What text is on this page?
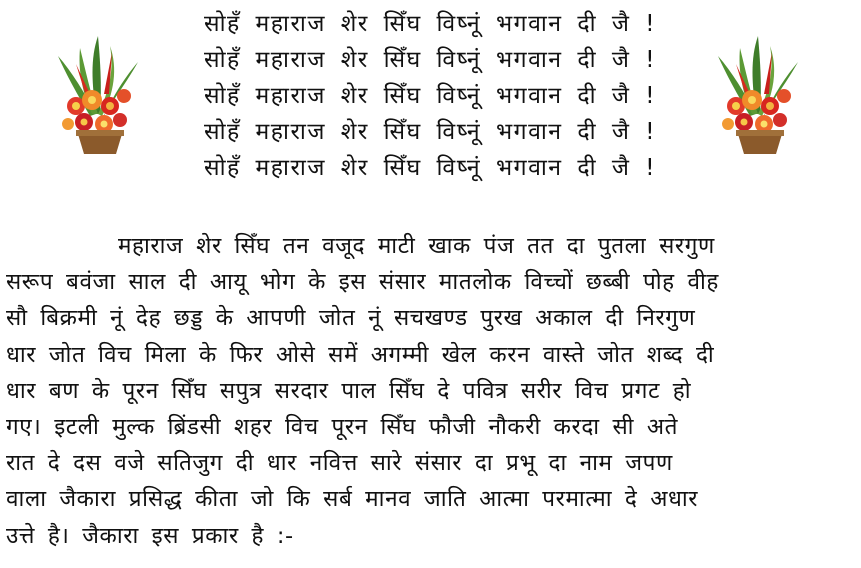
सोहँ महाराज शेर सिँघ विष्नूं भगवान दी जै !
सोहँ महाराज शेर सिँघ विष्नूं भगवान दी जै !
सोहँ महाराज शेर सिँघ विष्नूं भगवान दी जै !
सोहँ महाराज शेर सिँघ विष्नूं भगवान दी जै !
सोहँ महाराज शेर सिँघ विष्नूं भगवान दी जै !
महाराज शेर सिँघ तन वजूद माटी खाक पंज तत दा पुतला सरगुण
सरूप बवंजा साल दी आयू भोग के इस संसार मातलोक विच्चों छब्बी पोह वीह
सौ बिक्रमी नूं देह छड्ड के आपणी जोत नूं सचखण्ड पुरख अकाल दी निरगुण
धार जोत विच मिला के फिर ओसे समें अगम्मी खेल करन वास्ते जोत शब्द दी
धार बण के पूरन सिँघ सपुत्र सरदार पाल सिँघ दे पवित्र सरीर विच प्रगट हो
गए। इटली मुल्क ब्रिंडसी शहर विच पूरन सिँघ फौजी नौकरी करदा सी अते
रात दे दस वजे सतिजुग दी धार नवित्त सारे संसार दा प्रभू दा नाम जपण
वाला जैकारा प्रसिद्ध कीता जो कि सर्ब मानव जाति आत्मा परमात्मा दे अधार
उत्ते है। जैकारा इस प्रकार है :-
